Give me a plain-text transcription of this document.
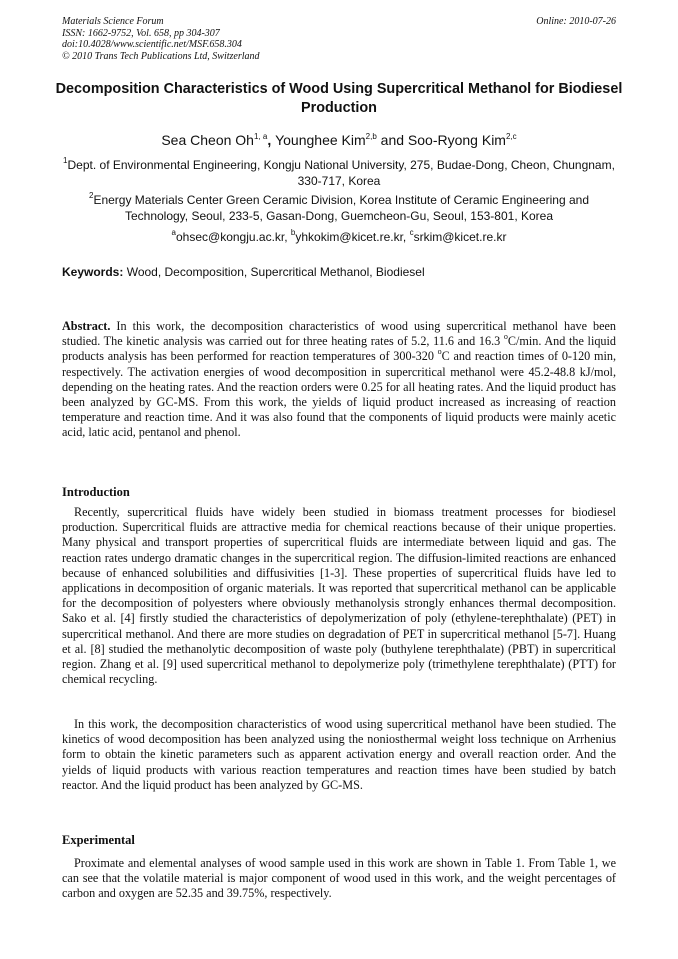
Materials Science Forum
ISSN: 1662-9752, Vol. 658, pp 304-307
doi:10.4028/www.scientific.net/MSF.658.304
© 2010 Trans Tech Publications Ltd, Switzerland
Online: 2010-07-26
Decomposition Characteristics of Wood Using Supercritical Methanol for Biodiesel Production
Sea Cheon Oh$^{1, a}$, Younghee Kim$^{2,b}$ and Soo-Ryong Kim$^{2,c}$
$^1$Dept. of Environmental Engineering, Kongju National University, 275, Budae-Dong, Cheon, Chungnam, 330-717, Korea
$^2$Energy Materials Center Green Ceramic Division, Korea Institute of Ceramic Engineering and Technology, Seoul, 233-5, Gasan-Dong, Guemcheon-Gu, Seoul, 153-801, Korea
$^a$ohsec@kongju.ac.kr, $^b$yhkokim@kicet.re.kr, $^c$srkim@kicet.re.kr
Keywords: Wood, Decomposition, Supercritical Methanol, Biodiesel
Abstract. In this work, the decomposition characteristics of wood using supercritical methanol have been studied. The kinetic analysis was carried out for three heating rates of 5.2, 11.6 and 16.3 $^o$C/min. And the liquid products analysis has been performed for reaction temperatures of 300-320 $^o$C and reaction times of 0-120 min, respectively. The activation energies of wood decomposition in supercritical methanol were 45.2-48.8 kJ/mol, depending on the heating rates. And the reaction orders were 0.25 for all heating rates. And the liquid product has been analyzed by GC-MS. From this work, the yields of liquid product increased as increasing of reaction temperature and reaction time. And it was also found that the components of liquid products were mainly acetic acid, latic acid, pentanol and phenol.
Introduction
Recently, supercritical fluids have widely been studied in biomass treatment processes for biodiesel production. Supercritical fluids are attractive media for chemical reactions because of their unique properties. Many physical and transport properties of supercritical fluids are intermediate between liquid and gas. The reaction rates undergo dramatic changes in the supercritical region. The diffusion-limited reactions are enhanced because of enhanced solubilities and diffusivities [1-3]. These properties of supercritical fluids have led to applications in decomposition of organic materials. It was reported that supercritical methanol can be applicable for the decomposition of polyesters where obviously methanolysis strongly enhances thermal decomposition. Sako et al. [4] firstly studied the characteristics of depolymerization of poly (ethylene-terephthalate) (PET) in supercritical methanol. And there are more studies on degradation of PET in supercritical methanol [5-7]. Huang et al. [8] studied the methanolytic decomposition of waste poly (buthylene terephthalate) (PBT) in supercritical region. Zhang et al. [9] used supercritical methanol to depolymerize poly (trimethylene terephthalate) (PTT) for chemical recycling.
In this work, the decomposition characteristics of wood using supercritical methanol have been studied. The kinetics of wood decomposition has been analyzed using the noniosthermal weight loss technique on Arrhenius form to obtain the kinetic parameters such as apparent activation energy and overall reaction order. And the yields of liquid products with various reaction temperatures and reaction times have been studied by batch reactor. And the liquid product has been analyzed by GC-MS.
Experimental
Proximate and elemental analyses of wood sample used in this work are shown in Table 1. From Table 1, we can see that the volatile material is major component of wood used in this work, and the weight percentages of carbon and oxygen are 52.35 and 39.75%, respectively.
